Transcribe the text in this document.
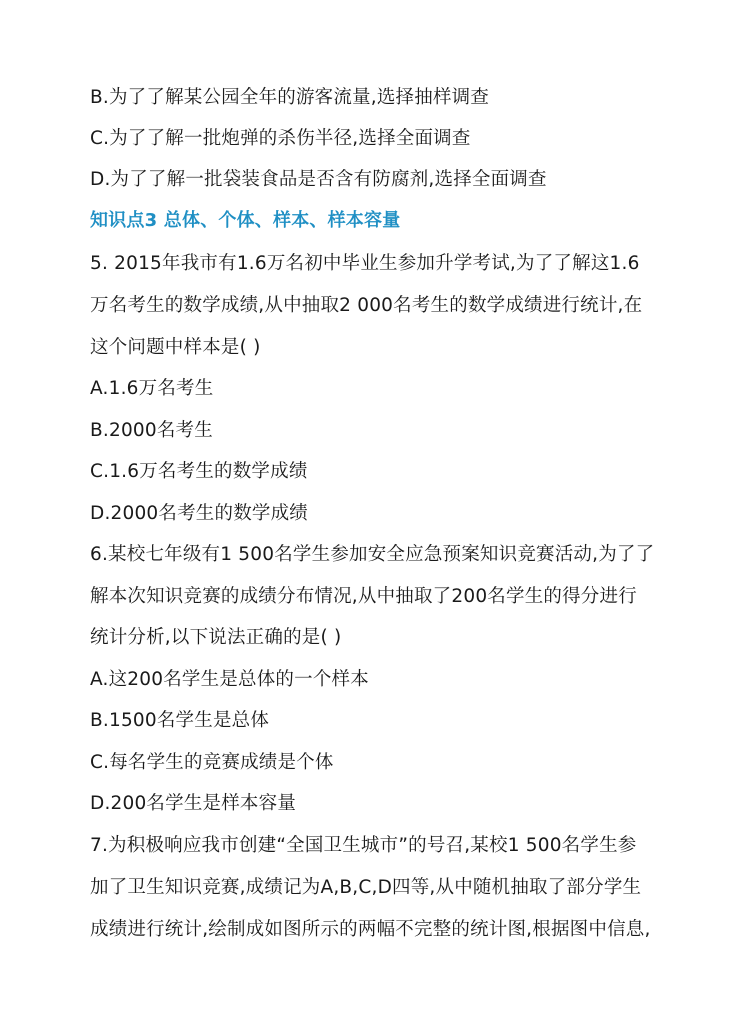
B.为了了解某公园全年的游客流量,选择抽样调查
C.为了了解一批炮弹的杀伤半径,选择全面调查
D.为了了解一批袋装食品是否含有防腐剂,选择全面调查
知识点3 总体、个体、样本、样本容量
5. 2015年我市有1.6万名初中毕业生参加升学考试,为了了解这1.6
万名考生的数学成绩,从中抽取2 000名考生的数学成绩进行统计,在
这个问题中样本是( )
A.1.6万名考生
B.2000名考生
C.1.6万名考生的数学成绩
D.2000名考生的数学成绩
6.某校七年级有1 500名学生参加安全应急预案知识竞赛活动,为了了
解本次知识竞赛的成绩分布情况,从中抽取了200名学生的得分进行
统计分析,以下说法正确的是( )
A.这200名学生是总体的一个样本
B.1500名学生是总体
C.每名学生的竞赛成绩是个体
D.200名学生是样本容量
7.为积极响应我市创建“全国卫生城市”的号召,某校1 500名学生参
加了卫生知识竞赛,成绩记为A,B,C,D四等,从中随机抽取了部分学生
成绩进行统计,绘制成如图所示的两幅不完整的统计图,根据图中信息,
